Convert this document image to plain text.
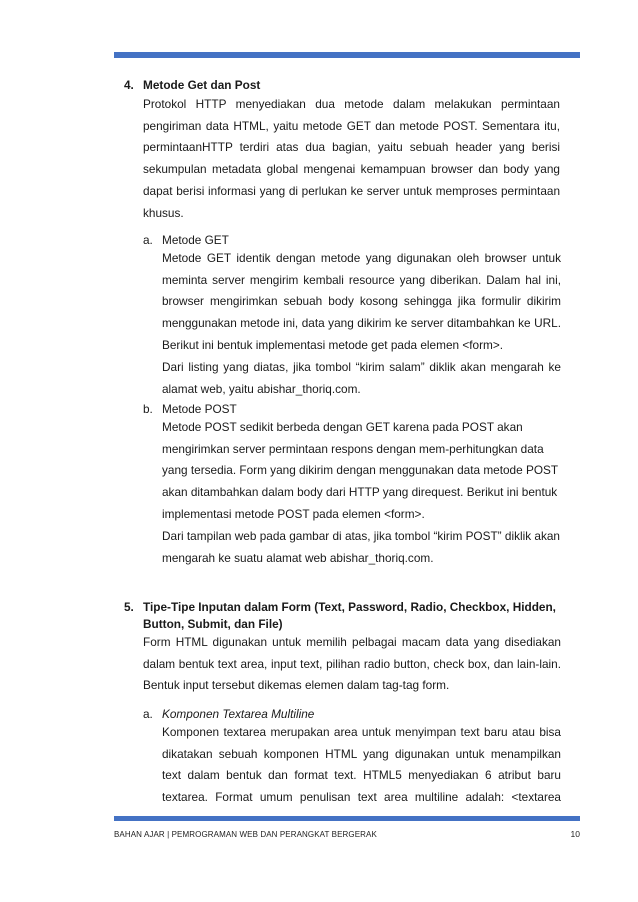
4. Metode Get dan Post

Protokol HTTP menyediakan dua metode dalam melakukan permintaan pengiriman data HTML, yaitu metode GET dan metode POST. Sementara itu, permintaanHTTP terdiri atas dua bagian, yaitu sebuah header yang berisi sekumpulan metadata global mengenai kemampuan browser dan body yang dapat berisi informasi yang di perlukan ke server untuk memproses permintaan khusus.

a. Metode GET

Metode GET identik dengan metode yang digunakan oleh browser untuk meminta server mengirim kembali resource yang diberikan. Dalam hal ini, browser mengirimkan sebuah body kosong sehingga jika formulir dikirim menggunakan metode ini, data yang dikirim ke server ditambahkan ke URL. Berikut ini bentuk implementasi metode get pada elemen <form>.

Dari listing yang diatas, jika tombol “kirim salam” diklik akan mengarah ke alamat web, yaitu abishar_thoriq.com.

b. Metode POST

Metode POST sedikit berbeda dengan GET karena pada POST akan mengirimkan server permintaan respons dengan mem-perhitungkan data yang tersedia. Form yang dikirim dengan menggunakan data metode POST akan ditambahkan dalam body dari HTTP yang direquest. Berikut ini bentuk implementasi metode POST pada elemen <form>.

Dari tampilan web pada gambar di atas, jika tombol “kirim POST” diklik akan mengarah ke suatu alamat web abishar_thoriq.com.

5. Tipe-Tipe Inputan dalam Form (Text, Password, Radio, Checkbox, Hidden,
Button, Submit, dan File)

Form HTML digunakan untuk memilih pelbagai macam data yang disediakan dalam bentuk text area, input text, pilihan radio button, check box, dan lain-lain. Bentuk input tersebut dikemas elemen dalam tag-tag form.

a. Komponen Textarea Multiline

Komponen textarea merupakan area untuk menyimpan text baru atau bisa dikatakan sebuah komponen HTML yang digunakan untuk menampilkan text dalam bentuk dan format text. HTML5 menyediakan 6 atribut baru textarea. Format umum penulisan text area multiline adalah: <textarea

BAHAN AJAR | PEMROGRAMAN WEB DAN PERANGKAT BERGERAK	10
